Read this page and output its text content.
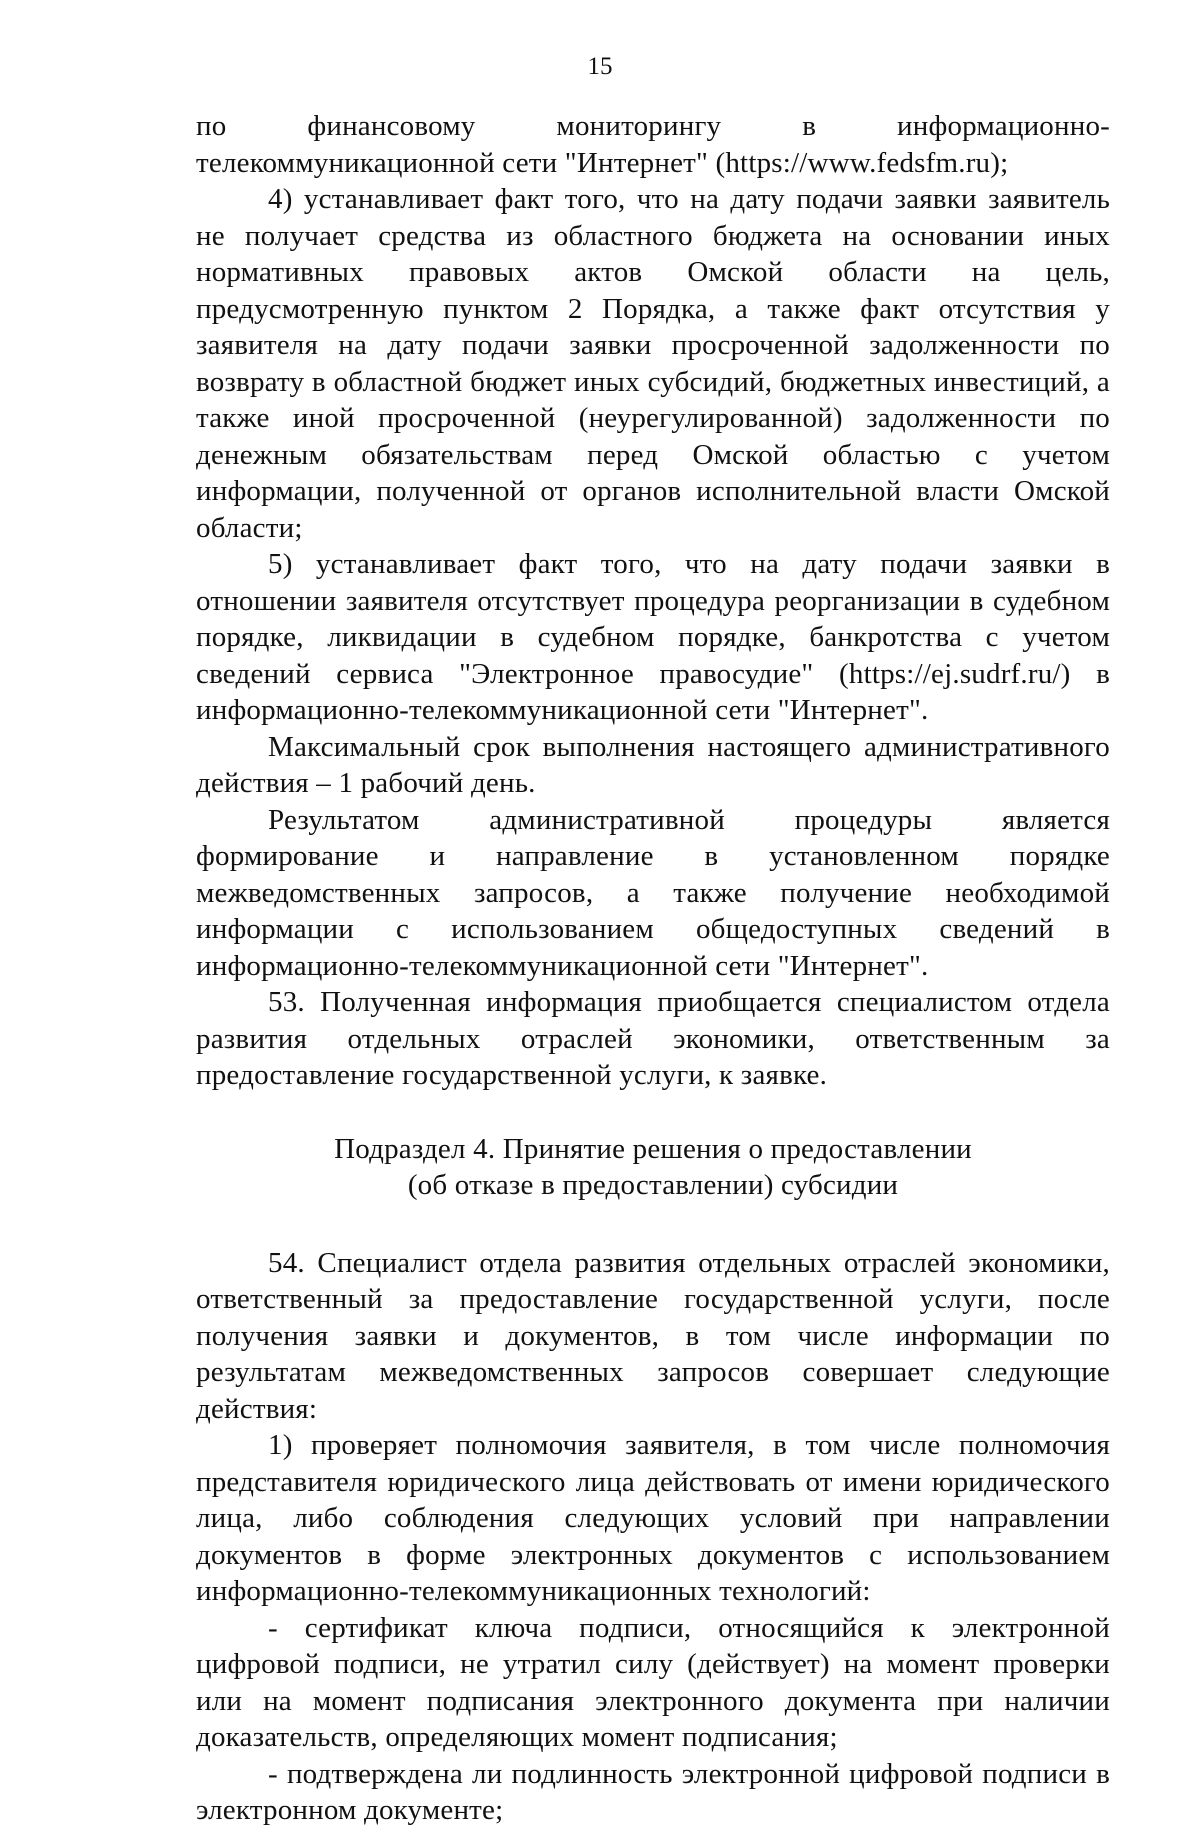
15

по финансовому мониторингу в информационно-телекоммуникационной сети "Интернет" (https://www.fedsfm.ru);

4) устанавливает факт того, что на дату подачи заявки заявитель не получает средства из областного бюджета на основании иных нормативных правовых актов Омской области на цель, предусмотренную пунктом 2 Порядка, а также факт отсутствия у заявителя на дату подачи заявки просроченной задолженности по возврату в областной бюджет иных субсидий, бюджетных инвестиций, а также иной просроченной (неурегулированной) задолженности по денежным обязательствам перед Омской областью с учетом информации, полученной от органов исполнительной власти Омской области;

5) устанавливает факт того, что на дату подачи заявки в отношении заявителя отсутствует процедура реорганизации в судебном порядке, ликвидации в судебном порядке, банкротства с учетом сведений сервиса "Электронное правосудие" (https://ej.sudrf.ru/) в информационно-телекоммуникационной сети "Интернет".

Максимальный срок выполнения настоящего административного действия – 1 рабочий день.

Результатом административной процедуры является формирование и направление в установленном порядке межведомственных запросов, а также получение необходимой информации с использованием общедоступных сведений в информационно-телекоммуникационной сети "Интернет".

53. Полученная информация приобщается специалистом отдела развития отдельных отраслей экономики, ответственным за предоставление государственной услуги, к заявке.

Подраздел 4. Принятие решения о предоставлении
(об отказе в предоставлении) субсидии

54. Специалист отдела развития отдельных отраслей экономики, ответственный за предоставление государственной услуги, после получения заявки и документов, в том числе информации по результатам межведомственных запросов совершает следующие действия:

1) проверяет полномочия заявителя, в том числе полномочия представителя юридического лица действовать от имени юридического лица, либо соблюдения следующих условий при направлении документов в форме электронных документов с использованием информационно-телекоммуникационных технологий:

- сертификат ключа подписи, относящийся к электронной цифровой подписи, не утратил силу (действует) на момент проверки или на момент подписания электронного документа при наличии доказательств, определяющих момент подписания;

- подтверждена ли подлинность электронной цифровой подписи в электронном документе;
